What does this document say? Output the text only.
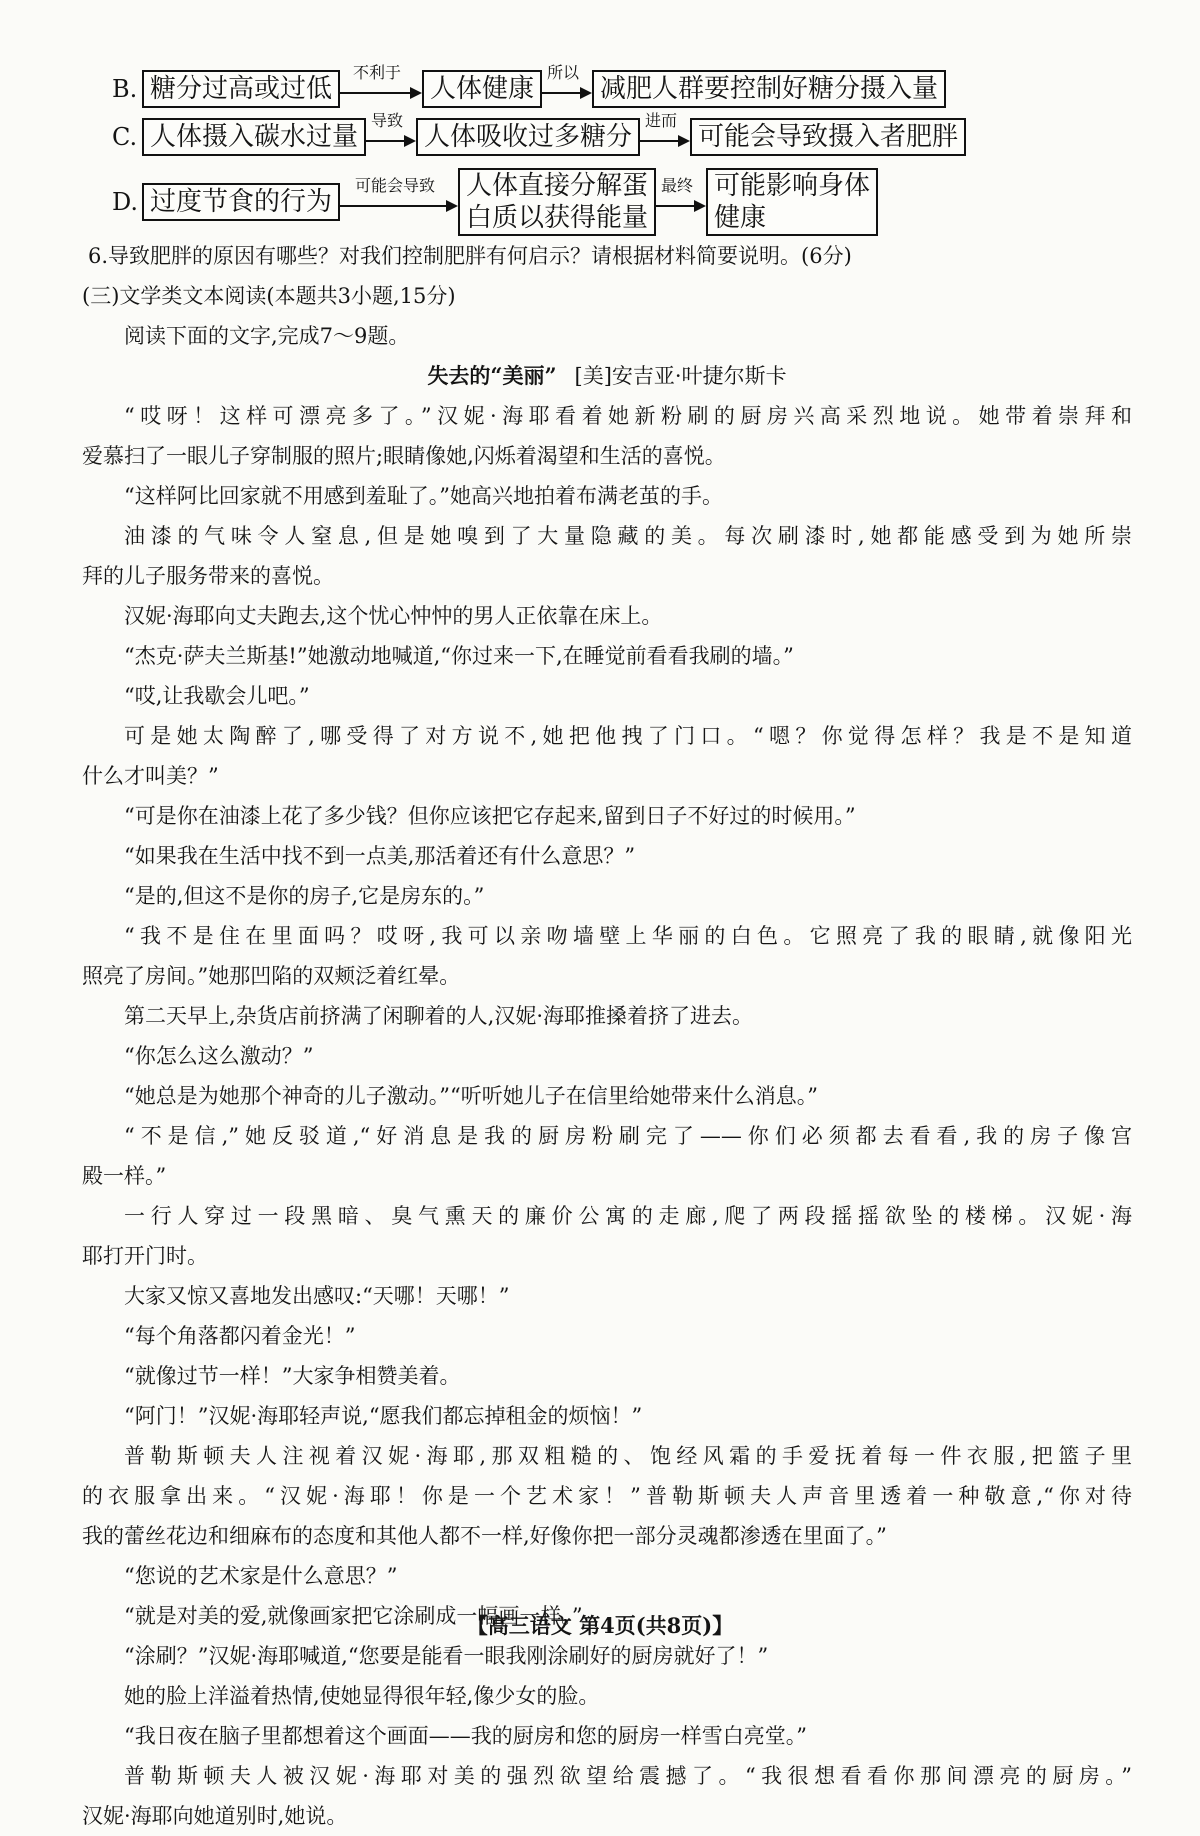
B. 糖分过高或过低
不利于
人体健康
所以
减肥人群要控制好糖分摄入量
C. 人体摄入碳水过量
导致
人体吸收过多糖分
进而
可能会导致摄入者肥胖
D. 过度节食的行为
可能会导致	人体直接分解蛋
白质以获得能量
最终 可能影响身体
健康
6.导致肥胖的原因有哪些？对我们控制肥胖有何启示？请根据材料简要说明。(6分)
(三)文学类文本阅读(本题共3小题,15分)
阅读下面的文字,完成7～9题。
失去的“美丽” [美]安吉亚·叶捷尔斯卡
“哎呀！这样可漂亮多了。”汉妮·海耶看着她新粉刷的厨房兴高采烈地说。她带着崇拜和
爱慕扫了一眼儿子穿制服的照片;眼睛像她,闪烁着渴望和生活的喜悦。
“这样阿比回家就不用感到羞耻了。”她高兴地拍着布满老茧的手。
油漆的气味令人窒息,但是她嗅到了大量隐藏的美。每次刷漆时,她都能感受到为她所崇
拜的儿子服务带来的喜悦。
汉妮·海耶向丈夫跑去,这个忧心忡忡的男人正依靠在床上。
“杰克·萨夫兰斯基!”她激动地喊道,“你过来一下,在睡觉前看看我刷的墙。”
“哎,让我歇会儿吧。”
可是她太陶醉了,哪受得了对方说不,她把他拽了门口。“嗯？你觉得怎样？我是不是知道
什么才叫美？”
“可是你在油漆上花了多少钱？但你应该把它存起来,留到日子不好过的时候用。”
“如果我在生活中找不到一点美,那活着还有什么意思？”
“是的,但这不是你的房子,它是房东的。”
“我不是住在里面吗？哎呀,我可以亲吻墙壁上华丽的白色。它照亮了我的眼睛,就像阳光
照亮了房间。”她那凹陷的双颊泛着红晕。
第二天早上,杂货店前挤满了闲聊着的人,汉妮·海耶推搡着挤了进去。
“你怎么这么激动？”
“她总是为她那个神奇的儿子激动。”“听听她儿子在信里给她带来什么消息。”
“不是信,”她反驳道,“好消息是我的厨房粉刷完了——你们必须都去看看,我的房子像宫
殿一样。”
一行人穿过一段黑暗、臭气熏天的廉价公寓的走廊,爬了两段摇摇欲坠的楼梯。汉妮·海
耶打开门时。
大家又惊又喜地发出感叹:“天哪！天哪！”
“每个角落都闪着金光！”
“就像过节一样！”大家争相赞美着。
“阿门！”汉妮·海耶轻声说,“愿我们都忘掉租金的烦恼！”
普勒斯顿夫人注视着汉妮·海耶,那双粗糙的、饱经风霜的手爱抚着每一件衣服,把篮子里
的衣服拿出来。“汉妮·海耶！你是一个艺术家！”普勒斯顿夫人声音里透着一种敬意,“你对待
我的蕾丝花边和细麻布的态度和其他人都不一样,好像你把一部分灵魂都渗透在里面了。”
“您说的艺术家是什么意思？”
“就是对美的爱,就像画家把它涂刷成一幅画一样。”
“涂刷？”汉妮·海耶喊道,“您要是能看一眼我刚涂刷好的厨房就好了！”
她的脸上洋溢着热情,使她显得很年轻,像少女的脸。
“我日夜在脑子里都想着这个画面——我的厨房和您的厨房一样雪白亮堂。”
普勒斯顿夫人被汉妮·海耶对美的强烈欲望给震撼了。“我很想看看你那间漂亮的厨房。”
汉妮·海耶向她道别时,她说。
【高三语文 第4页(共8页)】
